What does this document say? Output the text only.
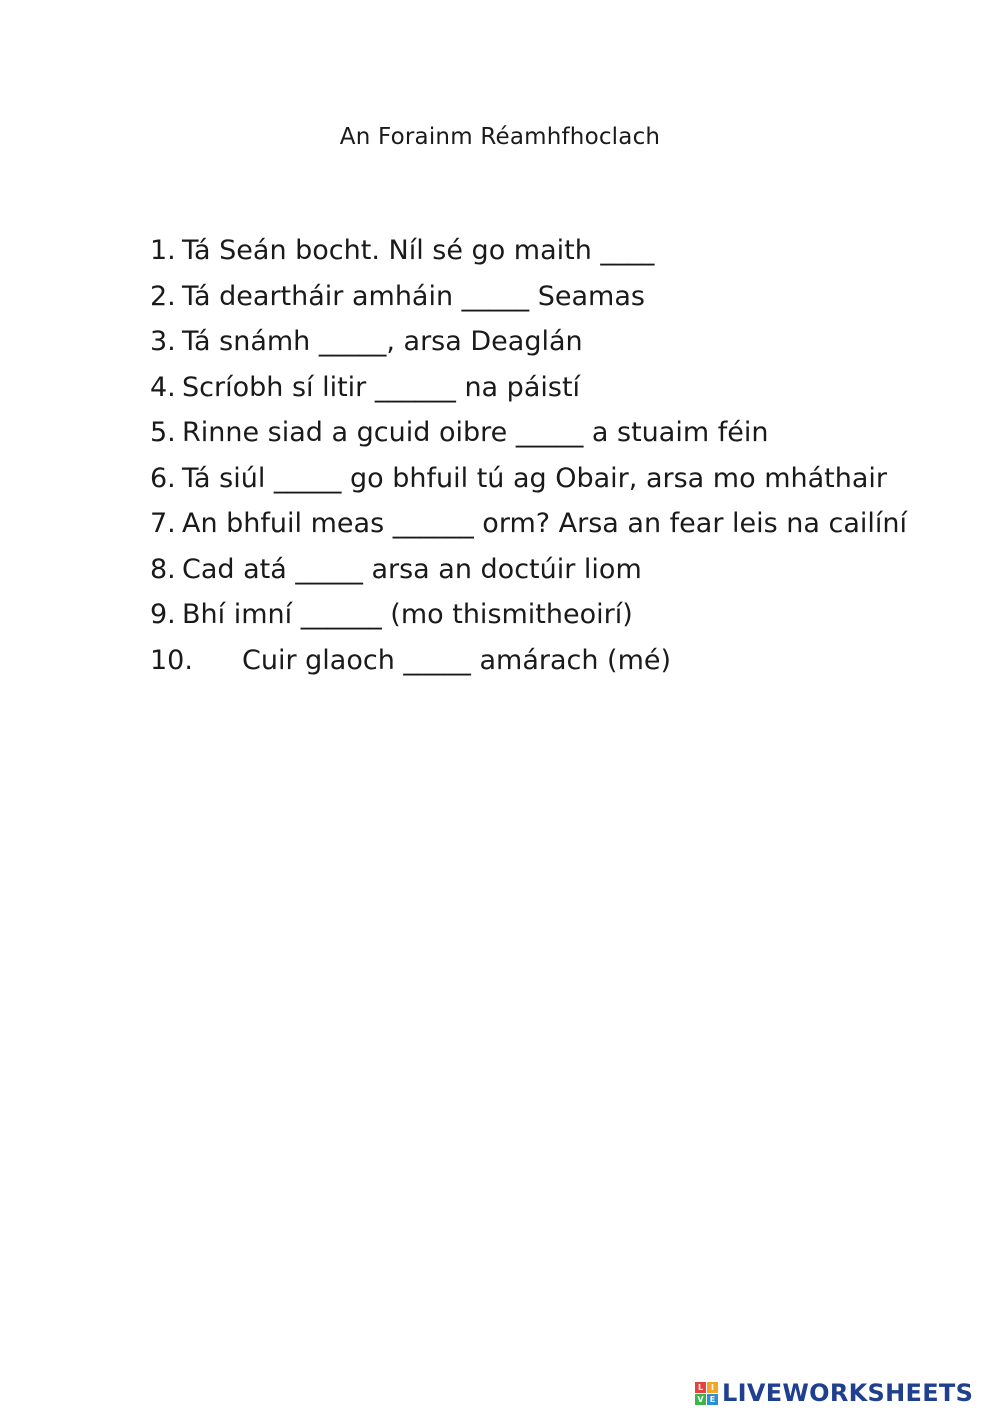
An Forainm Réamhfhoclach
1. Tá Seán bocht. Níl sé go maith ____
2. Tá deartháir amháin _____ Seamas
3. Tá snámh _____, arsa Deaglán
4. Scríobh sí litir ______ na páistí
5. Rinne siad a gcuid oibre _____ a stuaim féin
6. Tá siúl _____ go bhfuil tú ag Obair, arsa mo mháthair
7. An bhfuil meas ______ orm? Arsa an fear leis na cailíní
8. Cad atá _____ arsa an doctúir liom
9. Bhí imní ______ (mo thismitheoirí)
10.	Cuir glaoch _____ amárach (mé)
L I
V E LIVEWORKSHEETS
